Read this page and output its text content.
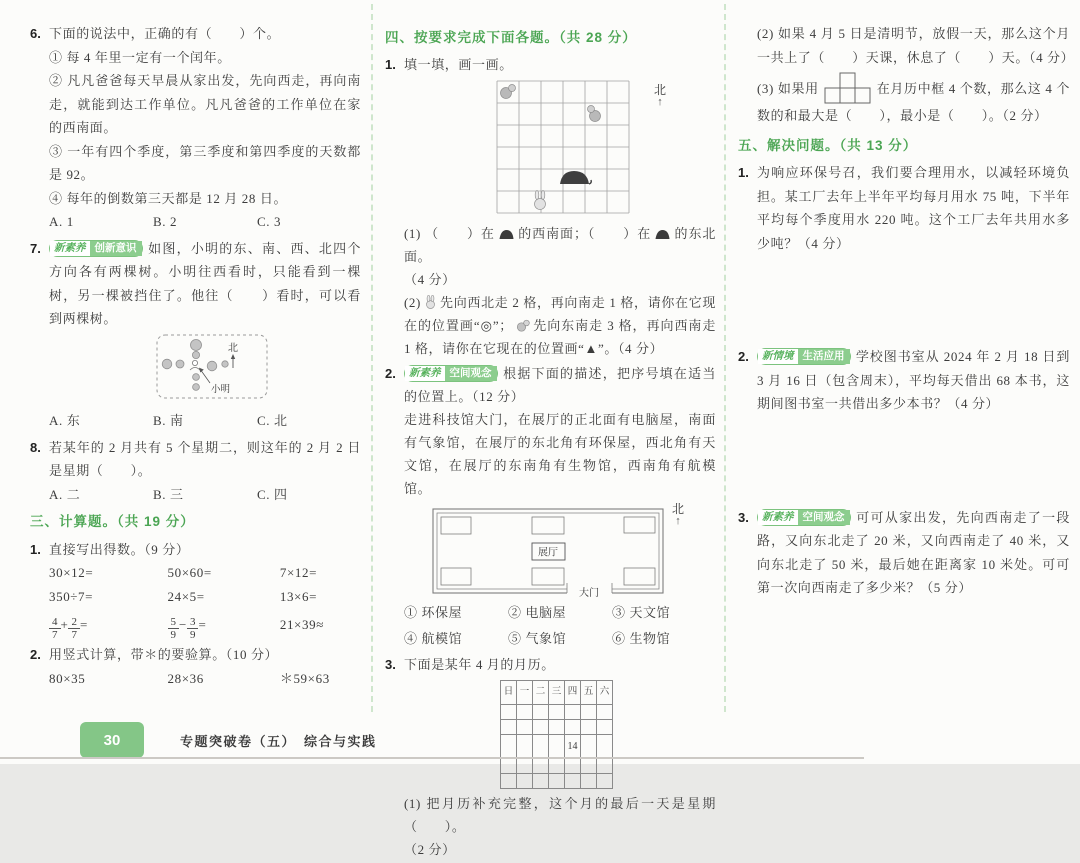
6. 下面的说法中，正确的有（　　）个。
① 每 4 年里一定有一个闰年。
② 凡凡爸爸每天早晨从家出发，先向西走，再向南走，就能到达工作单位。凡凡爸爸的工作单位在家的西南面。
③ 一年有四个季度，第三季度和第四季度的天数都是 92。
④ 每年的倒数第三天都是 12 月 28 日。
A. 1	B. 2	C. 3
7.	新素养 创新意识 如图，小明的东、南、西、北四个方向各有两棵树。小明往西看时，只能看到一棵树，另一棵被挡住了。他往（　　）看时，可以看到两棵树。
北
小明
A. 东	B. 南	C. 北
8. 若某年的 2 月共有 5 个星期二，则这年的 2 月 2 日是星期（　　）。
A. 二	B. 三	C. 四
三、计算题。（共 19 分）
1. 直接写出得数。（9 分）
30×12=	50×60=	7×12=
350÷7=	24×5=	13×6=
$\frac{4}{7} + \frac{2}{7}$ =	$\frac{5}{9} - \frac{3}{9}$ =	21×39≈
2. 用竖式计算，带＊的要验算。（10 分）
80×35	28×36	＊59×63
四、按要求完成下面各题。（共 28 分）
1. 填一填，画一画。
北
↑
(1) （　　）在 的西南面；（　　）在 的东北面。
（4 分）
(2) 先向西北走 2 格，再向南走 1 格，请你在它现在的位置画“◎”； 先向东南走 3 格，再向西南走 1 格，请你在它现在的位置画“▲”。（4 分）
2.	新素养 空间观念 根据下面的描述，把序号填在适当的位置上。（12 分）
走进科技馆大门，在展厅的正北面有电脑屋，南面有气象馆，在展厅的东北角有环保屋，西北角有天文馆，在展厅的东南角有生物馆，西南角有航模馆。
展厅
大门
北
↑
① 环保屋	② 电脑屋	③ 天文馆
④ 航模馆	⑤ 气象馆	⑥ 生物馆
3. 下面是某年 4 月的月历。
日	一	二	三	四	五	六

				14		

(1) 把月历补充完整，这个月的最后一天是星期（　　）。
（2 分）
(2) 如果 4 月 5 日是清明节，放假一天，那么这个月一共上了（　　）天课，休息了（　　）天。（4 分）
(3) 如果用	在月历中框 4 个数，那么这 4 个数的和最大是（　　），最小是（　　）。（2 分）
五、解决问题。（共 13 分）
1. 为响应环保号召，我们要合理用水，以减轻环境负担。某工厂去年上半年平均每月用水 75 吨，下半年平均每个季度用水 220 吨。这个工厂去年共用水多少吨？（4 分）
2.	新情境 生活应用 学校图书室从 2024 年 2 月 18 日到 3 月 16 日（包含周末），平均每天借出 68 本书，这期间图书室一共借出多少本书？（4 分）
3.	新素养 空间观念 可可从家出发，先向西南走了一段路，又向东北走了 20 米，又向西南走了 40 米，又向东北走了 50 米，最后她在距离家 10 米处。可可第一次向西南走了多少米？（5 分）
30	专题突破卷（五）　综合与实践
